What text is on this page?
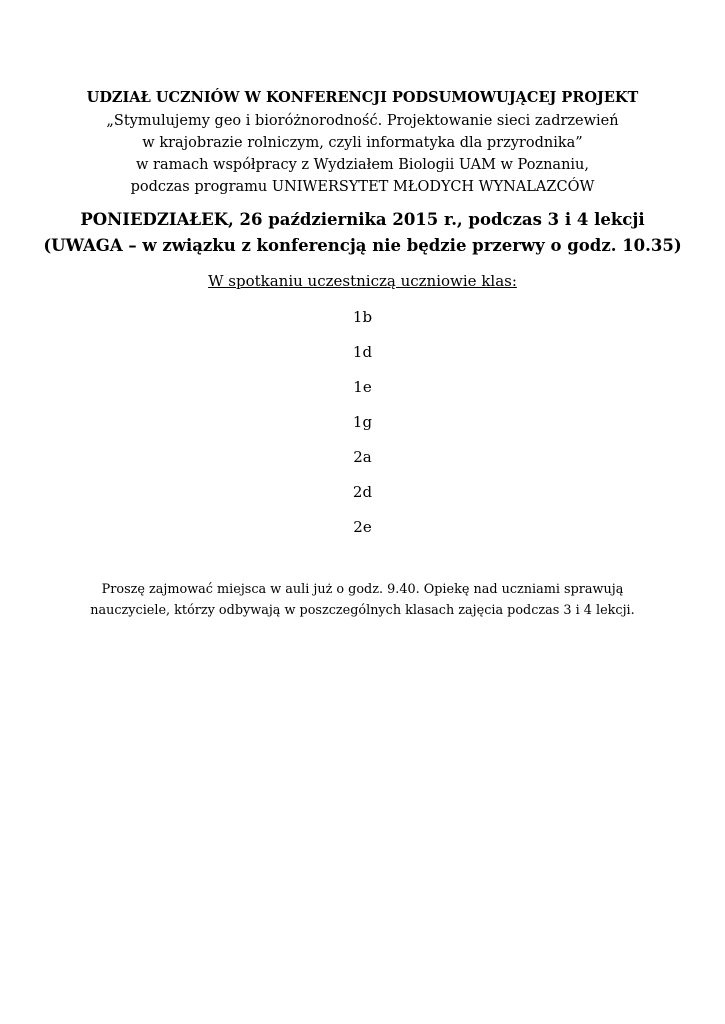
UDZIAŁ UCZNIÓW W KONFERENCJI PODSUMOWUJĄCEJ PROJEKT
„Stymulujemy geo i bioróżnorodność. Projektowanie sieci zadrzewień
w krajobrazie rolniczym, czyli informatyka dla przyrodnika”
w ramach współpracy z Wydziałem Biologii UAM w Poznaniu,
podczas programu UNIWERSYTET MŁODYCH WYNALAZCÓW
PONIEDZIAŁEK, 26 października 2015 r., podczas 3 i 4 lekcji
(UWAGA – w związku z konferencją nie będzie przerwy o godz. 10.35)
W spotkaniu uczestniczą uczniowie klas:
1b
1d
1e
1g
2a
2d
2e
Proszę zajmować miejsca w auli już o godz. 9.40. Opiekę nad uczniami sprawują
nauczyciele, którzy odbywają w poszczególnych klasach zajęcia podczas 3 i 4 lekcji.
